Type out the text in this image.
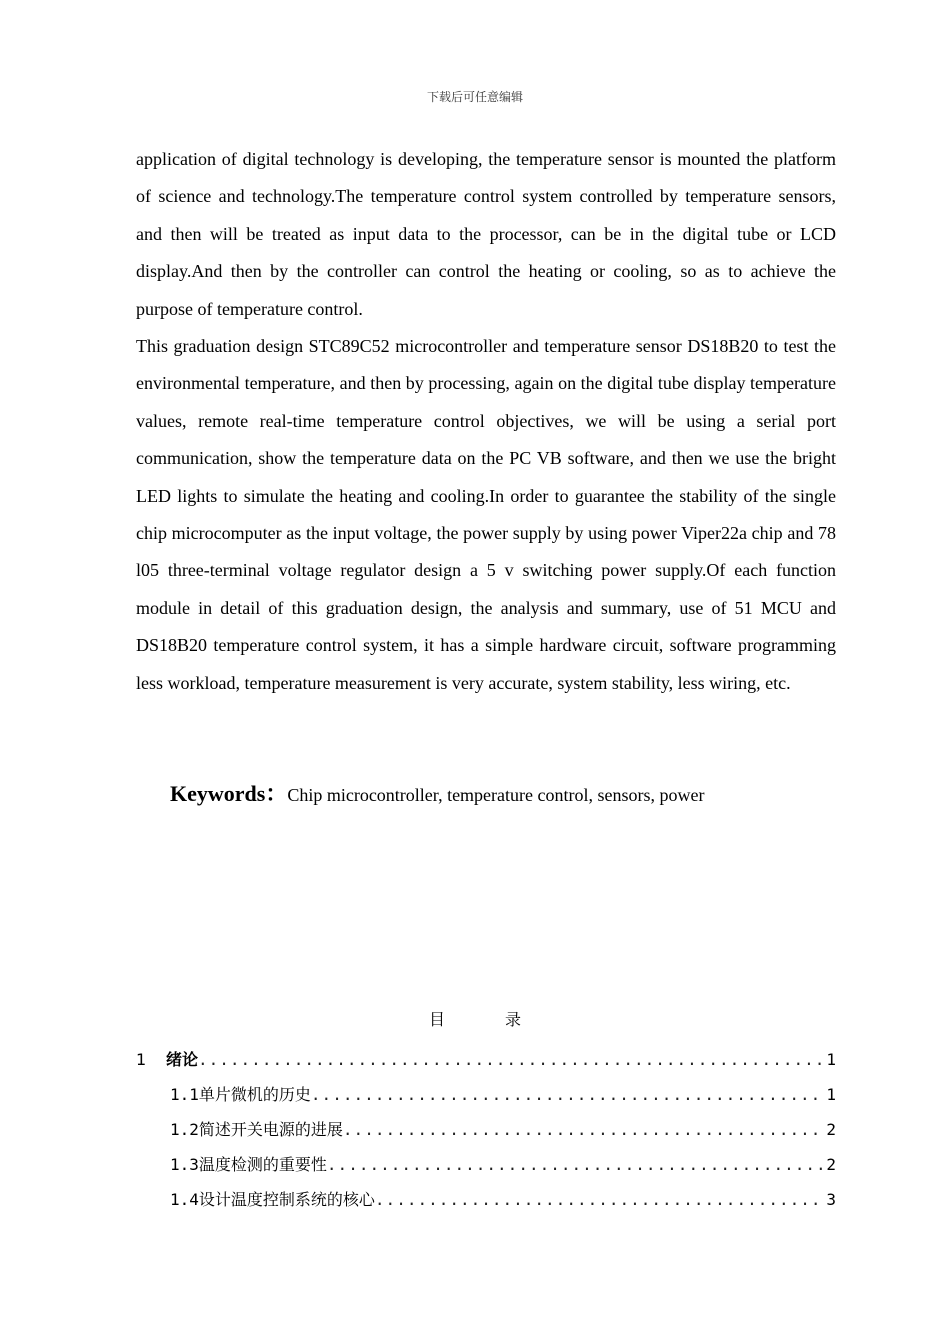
下载后可任意编辑

application of digital technology is developing, the temperature sensor is mounted the platform of science and technology.The temperature control system controlled by temperature sensors, and then will be treated as input data to the processor, can be in the digital tube or LCD display.And then by the controller can control the heating or cooling, so as to achieve the purpose of temperature control.

This graduation design STC89C52 microcontroller and temperature sensor DS18B20 to test the environmental temperature, and then by processing, again on the digital tube display temperature values, remote real-time temperature control objectives, we will be using a serial port communication, show the temperature data on the PC VB software, and then we use the bright LED lights to simulate the heating and cooling.In order to guarantee the stability of the single chip microcomputer as the input voltage, the power supply by using power Viper22a chip and 78 l05 three-terminal voltage regulator design a 5 v switching power supply.Of each function module in detail of this graduation design, the analysis and summary, use of 51 MCU and DS18B20 temperature control system, it has a simple hardware circuit, software programming less workload, temperature measurement is very accurate, system stability, less wiring, etc.

Keywords：Chip microcontroller, temperature control, sensors, power
目	录
1	绪论 .....	1
1.1 单片微机的历史 .....	1
1.2 简述开关电源的进展 .....	2
1.3 温度检测的重要性 .....	2
1.4 设计温度控制系统的核心 .....	3
